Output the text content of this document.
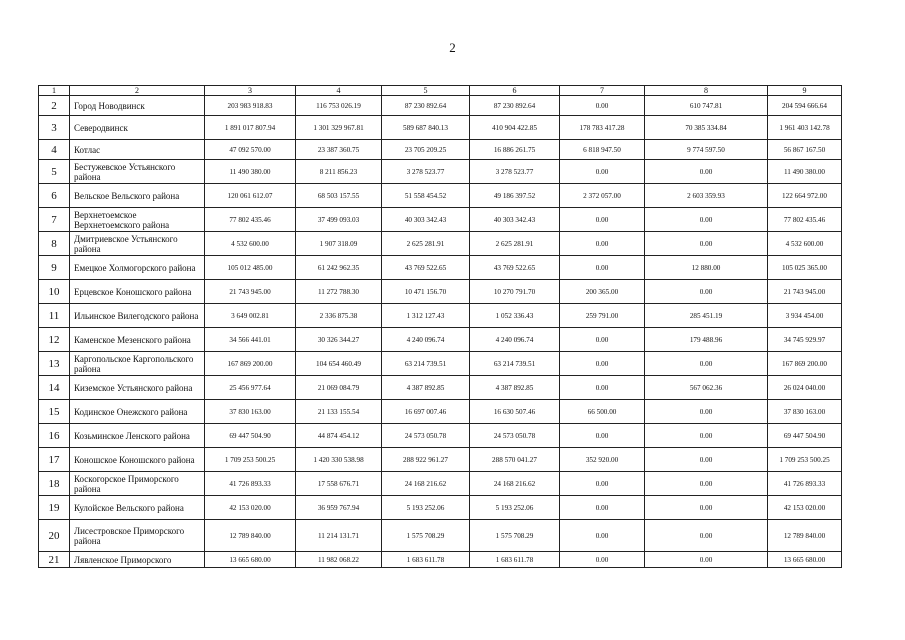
2
1	2	3	4	5	6	7	8	9
2	Город Новодвинск	203 983 918.83	116 753 026.19	87 230 892.64	87 230 892.64	0.00	610 747.81	204 594 666.64
3	Северодвинск	1 891 017 807.94	1 301 329 967.81	589 687 840.13	410 904 422.85	178 783 417.28	70 385 334.84	1 961 403 142.78
4	Котлас	47 092 570.00	23 387 360.75	23 705 209.25	16 886 261.75	6 818 947.50	9 774 597.50	56 867 167.50
5	Бестужевское Устьянского района	11 490 380.00	8 211 856.23	3 278 523.77	3 278 523.77	0.00	0.00	11 490 380.00
6	Вельское Вельского района	120 061 612.07	68 503 157.55	51 558 454.52	49 186 397.52	2 372 057.00	2 603 359.93	122 664 972.00
7	Верхнетоемское Верхнетоемского района	77 802 435.46	37 499 093.03	40 303 342.43	40 303 342.43	0.00	0.00	77 802 435.46
8	Дмитриевское Устьянского района	4 532 600.00	1 907 318.09	2 625 281.91	2 625 281.91	0.00	0.00	4 532 600.00
9	Емецкое Холмогорского района	105 012 485.00	61 242 962.35	43 769 522.65	43 769 522.65	0.00	12 880.00	105 025 365.00
10	Ерцевское Коношского района	21 743 945.00	11 272 788.30	10 471 156.70	10 270 791.70	200 365.00	0.00	21 743 945.00
11	Ильинское Вилегодского района	3 649 002.81	2 336 875.38	1 312 127.43	1 052 336.43	259 791.00	285 451.19	3 934 454.00
12	Каменское Мезенского района	34 566 441.01	30 326 344.27	4 240 096.74	4 240 096.74	0.00	179 488.96	34 745 929.97
13	Каргопольское Каргопольского района	167 869 200.00	104 654 460.49	63 214 739.51	63 214 739.51	0.00	0.00	167 869 200.00
14	Киземское Устьянского района	25 456 977.64	21 069 084.79	4 387 892.85	4 387 892.85	0.00	567 062.36	26 024 040.00
15	Кодинское Онежского района	37 830 163.00	21 133 155.54	16 697 007.46	16 630 507.46	66 500.00	0.00	37 830 163.00
16	Козьминское Ленского района	69 447 504.90	44 874 454.12	24 573 050.78	24 573 050.78	0.00	0.00	69 447 504.90
17	Коношское Коношского района	1 709 253 500.25	1 420 330 538.98	288 922 961.27	288 570 041.27	352 920.00	0.00	1 709 253 500.25
18	Коскогорское Приморского района	41 726 893.33	17 558 676.71	24 168 216.62	24 168 216.62	0.00	0.00	41 726 893.33
19	Кулойское Вельского района	42 153 020.00	36 959 767.94	5 193 252.06	5 193 252.06	0.00	0.00	42 153 020.00
20	Лисестровское Приморского района	12 789 840.00	11 214 131.71	1 575 708.29	1 575 708.29	0.00	0.00	12 789 840.00
21	Лявленское Приморского	13 665 680.00	11 982 068.22	1 683 611.78	1 683 611.78	0.00	0.00	13 665 680.00
